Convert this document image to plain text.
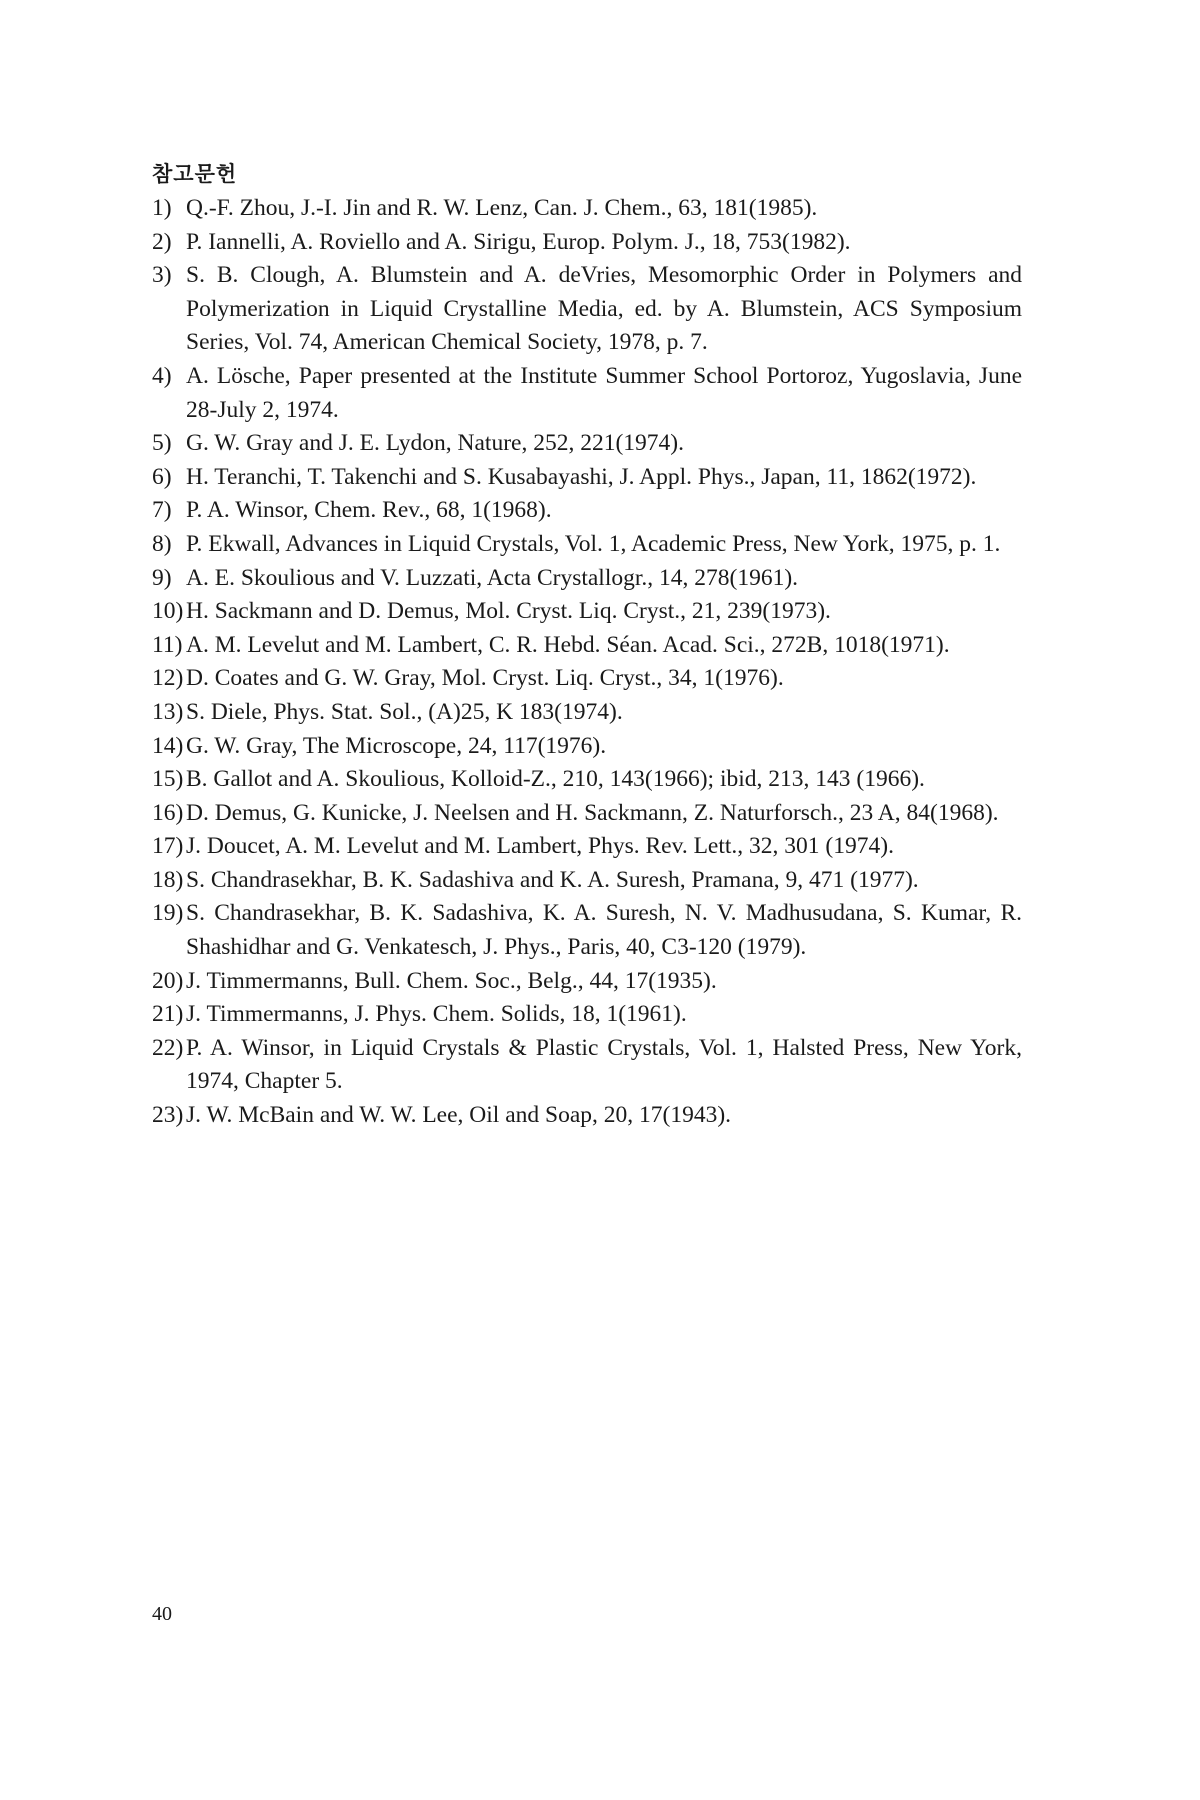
참고문헌
1) Q.-F. Zhou, J.-I. Jin and R. W. Lenz, Can. J. Chem., 63, 181(1985).
2) P. Iannelli, A. Roviello and A. Sirigu, Europ. Polym. J., 18, 753(1982).
3) S. B. Clough, A. Blumstein and A. deVries, Mesomorphic Order in Polymers and Polymerization in Liquid Crystalline Media, ed. by A. Blumstein, ACS Symposium Series, Vol. 74, American Chemical Society, 1978, p. 7.
4) A. Lösche, Paper presented at the Institute Summer School Portoroz, Yugoslavia, June 28-July 2, 1974.
5) G. W. Gray and J. E. Lydon, Nature, 252, 221(1974).
6) H. Teranchi, T. Takenchi and S. Kusabayashi, J. Appl. Phys., Japan, 11, 1862(1972).
7) P. A. Winsor, Chem. Rev., 68, 1(1968).
8) P. Ekwall, Advances in Liquid Crystals, Vol. 1, Academic Press, New York, 1975, p. 1.
9) A. E. Skoulious and V. Luzzati, Acta Crystallogr., 14, 278(1961).
10) H. Sackmann and D. Demus, Mol. Cryst. Liq. Cryst., 21, 239(1973).
11) A. M. Levelut and M. Lambert, C. R. Hebd. Séan. Acad. Sci., 272B, 1018(1971).
12) D. Coates and G. W. Gray, Mol. Cryst. Liq. Cryst., 34, 1(1976).
13) S. Diele, Phys. Stat. Sol., (A)25, K 183(1974).
14) G. W. Gray, The Microscope, 24, 117(1976).
15) B. Gallot and A. Skoulious, Kolloid-Z., 210, 143(1966); ibid, 213, 143 (1966).
16) D. Demus, G. Kunicke, J. Neelsen and H. Sackmann, Z. Naturforsch., 23 A, 84(1968).
17) J. Doucet, A. M. Levelut and M. Lambert, Phys. Rev. Lett., 32, 301 (1974).
18) S. Chandrasekhar, B. K. Sadashiva and K. A. Suresh, Pramana, 9, 471 (1977).
19) S. Chandrasekhar, B. K. Sadashiva, K. A. Suresh, N. V. Madhusudana, S. Kumar, R. Shashidhar and G. Venkatesch, J. Phys., Paris, 40, C3-120 (1979).
20) J. Timmermanns, Bull. Chem. Soc., Belg., 44, 17(1935).
21) J. Timmermanns, J. Phys. Chem. Solids, 18, 1(1961).
22) P. A. Winsor, in Liquid Crystals & Plastic Crystals, Vol. 1, Halsted Press, New York, 1974, Chapter 5.
23) J. W. McBain and W. W. Lee, Oil and Soap, 20, 17(1943).

40
